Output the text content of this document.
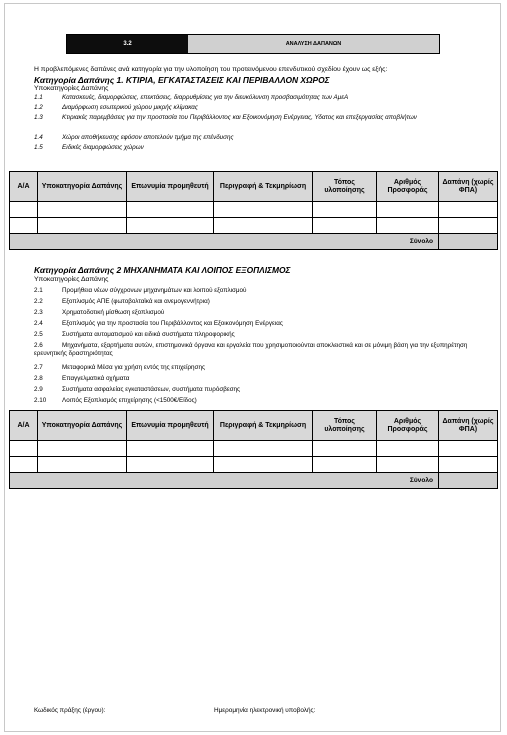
3.2	ΑΝΑΛΥΣΗ ΔΑΠΑΝΩΝ
Η προβλεπόμενες δαπάνες ανά κατηγορία για την υλοποίηση του προτεινόμενου επενδυτικού σχεδίου έχουν ως εξής:
Κατηγορία Δαπάνης 1. ΚΤΙΡΙΑ, ΕΓΚΑΤΑΣΤΑΣΕΙΣ ΚΑΙ ΠΕΡΙΒΑΛΛΟΝ ΧΩΡΟΣ
Υποκατηγορίες Δαπάνης
1.1	Κατασκευές, διαμορφώσεις, επεκτάσεις, διαρρυθμίσεις για την διευκόλυνση προσβασιμότητας των ΑμεΑ
1.2	Διαμόρφωση εσωτερικού χώρου μικρής κλίμακας
1.3	Κτιριακές παρεμβάσεις για την προστασία του Περιβάλλοντος και Εξοικονόμηση Ενέργειας, Υδατος και επεξεργασίας αποβλήτων
1.4	Χώροι αποθήκευσης εφόσον αποτελούν τμήμα της επένδυσης
1.5	Ειδικές διαμορφώσεις χώρων
Α/Α	Υποκατηγορία Δαπάνης	Επωνυμία προμηθευτή	Περιγραφή & Τεκμηρίωση	Τόπος υλοποίησης	Αριθμός Προσφοράς	Δαπάνη (χωρίς ΦΠΑ)

Σύνολο						
Κατηγορία Δαπάνης 2 ΜΗΧΑΝΗΜΑΤΑ ΚΑΙ ΛΟΙΠΟΣ ΕΞΟΠΛΙΣΜΟΣ
Υποκατηγορίες Δαπάνης
2.1	Προμήθεια νέων σύγχρονων μηχανημάτων και λοιπού εξοπλισμού
2.2	Εξοπλισμός ΑΠΕ (φωτοβολταϊκά και ανεμογεννήτρια)
2.3	Χρηματοδοτική μίσθωση εξοπλισμού
2.4	Εξοπλισμός για την προστασία του Περιβάλλοντος και Εξοικονόμηση Ενέργειας
2.5	Συστήματα αυτοματισμού και ειδικά συστήματα πληροφορικής
2.6	Μηχανήματα, εξαρτήματα αυτών, επιστημονικά όργανα και εργαλεία που χρησιμοποιούνται αποκλειστικά και σε μόνιμη βάση για την εξυπηρέτηση ερευνητικής δραστηριότητας
2.7	Μεταφορικά Μέσα για χρήση εντός της επιχείρησης
2.8	Επαγγελματικά οχήματα
2.9	Συστήματα ασφαλείας εγκαταστάσεων, συστήματα πυρόσβεσης
2.10 Λοιπός Εξοπλισμός επιχείρησης (<1500€/Είδος)
Α/Α	Υποκατηγορία Δαπάνης	Επωνυμία προμηθευτή	Περιγραφή & Τεκμηρίωση	Τόπος υλοποίησης	Αριθμός Προσφοράς	Δαπάνη (χωρίς ΦΠΑ)

Σύνολο						
Κωδικός πράξης (έργου):	Ημερομηνία ηλεκτρονική υποβολής:
